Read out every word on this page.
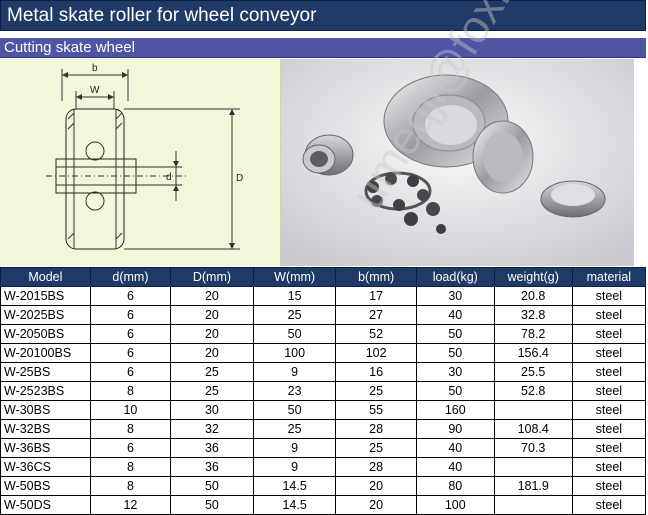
Metal skate roller for wheel conveyor
Cutting skate wheel
b
W
d	D
Model	d(mm)	D(mm)	W(mm)	b(mm)	load(kg)	weight(g)	material
W-2015BS	6	20	15	17	30	20.8	steel
W-2025BS	6	20	25	27	40	32.8	steel
W-2050BS	6	20	50	52	50	78.2	steel
W-20100BS	6	20	100	102	50	156.4	steel
W-25BS	6	25	9	16	30	25.5	steel
W-2523BS	8	25	23	25	50	52.8	steel
W-30BS	10	30	50	55	160		steel
W-32BS	8	32	25	28	90	108.4	steel
W-36BS	6	36	9	25	40	70.3	steel
W-36CS	8	36	9	28	40		steel
W-50BS	8	50	14.5	20	80	181.9	steel
W-50DS	12	50	14.5	20	100		steel
